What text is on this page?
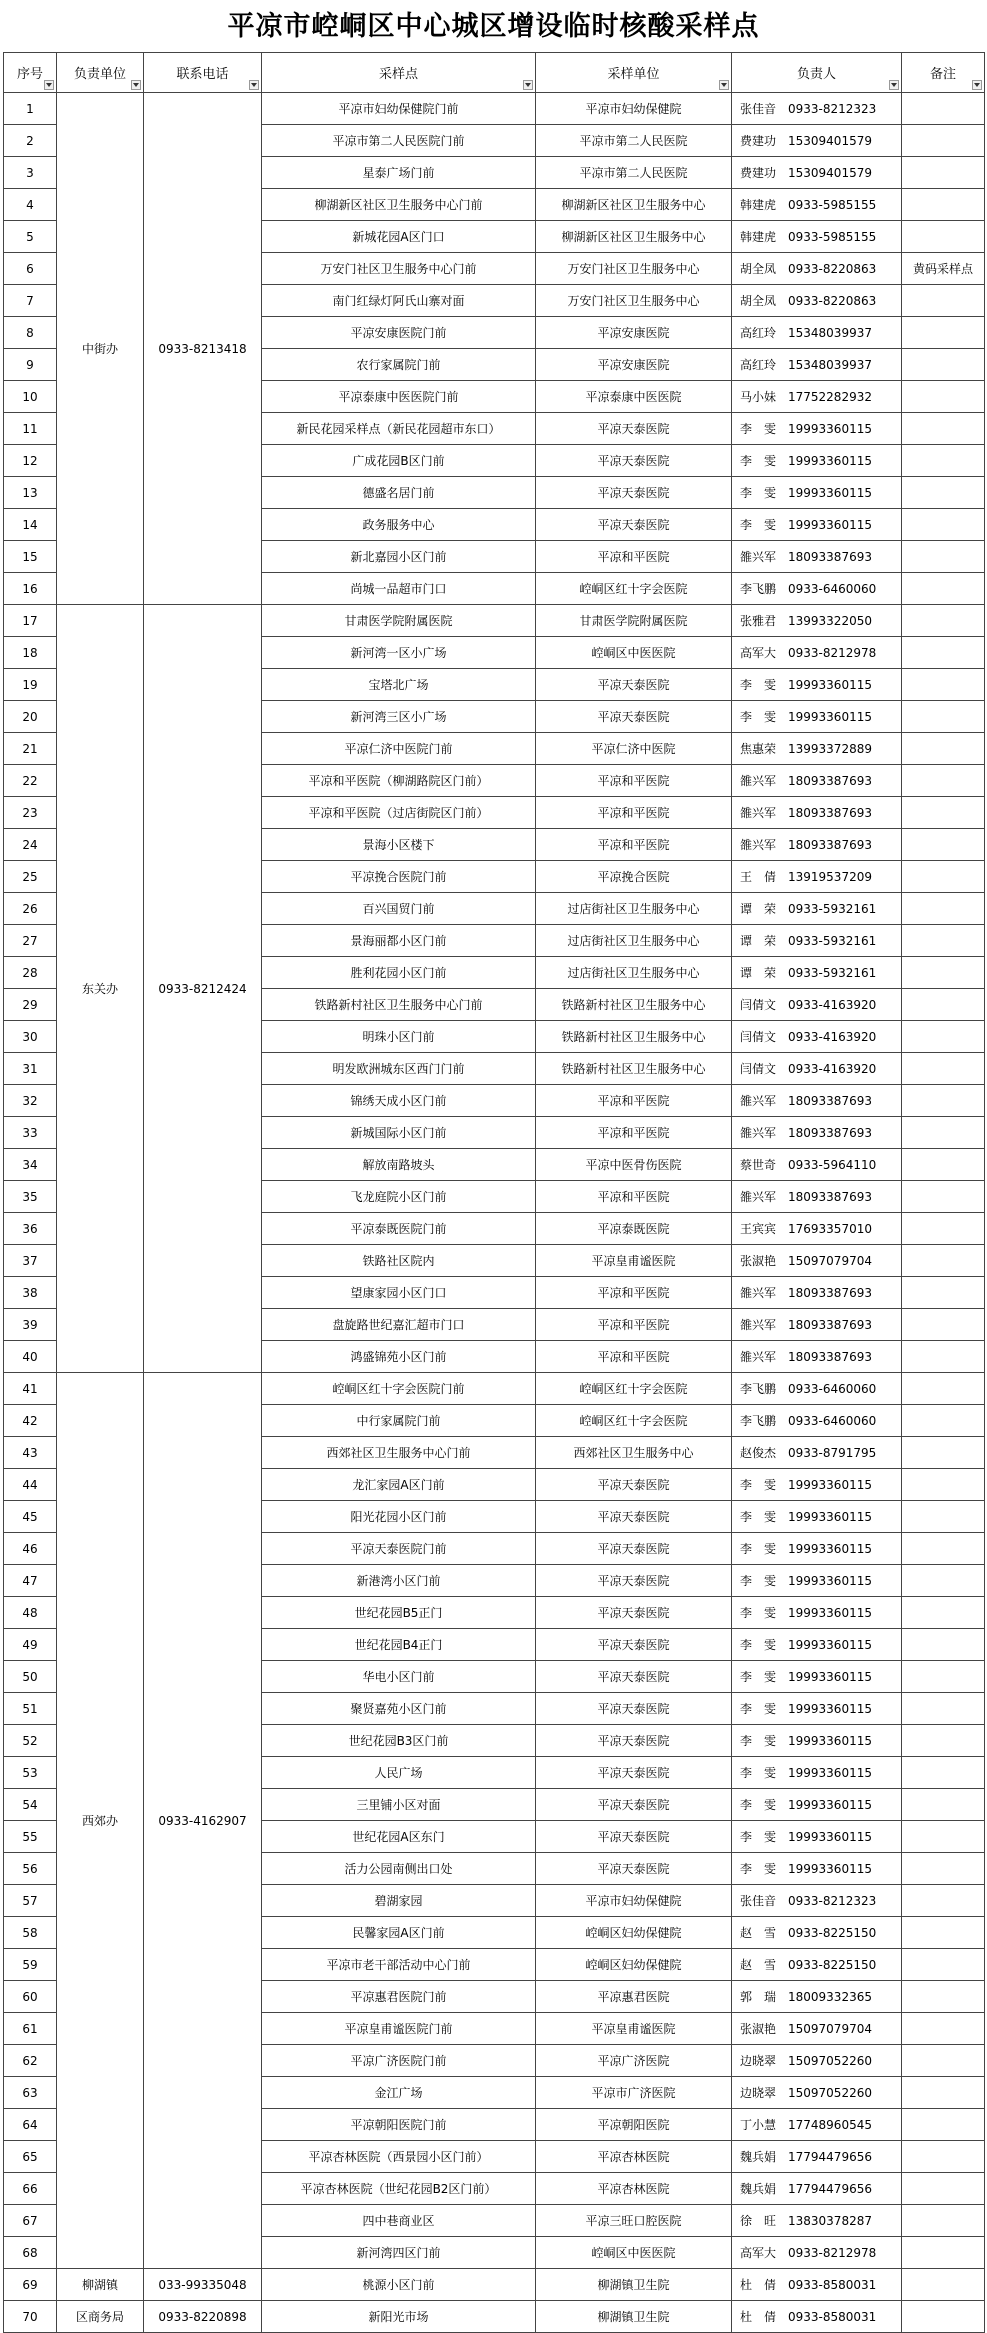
平凉市崆峒区中心城区增设临时核酸采样点
序号	负责单位	联系电话	采样点	采样单位	负责人	备注

1	中街办	0933-8213418	平凉市妇幼保健院门前	平凉市妇幼保健院	张佳音　0933-8212323	
2			平凉市第二人民医院门前	平凉市第二人民医院	费建功　15309401579	
3			星泰广场门前	平凉市第二人民医院	费建功　15309401579	
4			柳湖新区社区卫生服务中心门前	柳湖新区社区卫生服务中心	韩建虎　0933-5985155	
5			新城花园A区门口	柳湖新区社区卫生服务中心	韩建虎　0933-5985155	
6			万安门社区卫生服务中心门前	万安门社区卫生服务中心	胡全凤　0933-8220863	黄码采样点
7			南门红绿灯阿氏山寨对面	万安门社区卫生服务中心	胡全凤　0933-8220863	
8			平凉安康医院门前	平凉安康医院	高红玲　15348039937	
9			农行家属院门前	平凉安康医院	高红玲　15348039937	
10			平凉泰康中医医院门前	平凉泰康中医医院	马小妹　17752282932	
11			新民花园采样点（新民花园超市东口）	平凉天泰医院	李　雯　19993360115	
12			广成花园B区门前	平凉天泰医院	李　雯　19993360115	
13			德盛名居门前	平凉天泰医院	李　雯　19993360115	
14			政务服务中心	平凉天泰医院	李　雯　19993360115	
15			新北嘉园小区门前	平凉和平医院	雒兴军　18093387693	
16			尚城一品超市门口	崆峒区红十字会医院	李飞鹏　0933-6460060	
17	东关办	0933-8212424	甘肃医学院附属医院	甘肃医学院附属医院	张雅君　13993322050	
18			新河湾一区小广场	崆峒区中医医院	高军大　0933-8212978	
19			宝塔北广场	平凉天泰医院	李　雯　19993360115	
20			新河湾三区小广场	平凉天泰医院	李　雯　19993360115	
21			平凉仁济中医院门前	平凉仁济中医院	焦惠荣　13993372889	
22			平凉和平医院（柳湖路院区门前）	平凉和平医院	雒兴军　18093387693	
23			平凉和平医院（过店街院区门前）	平凉和平医院	雒兴军　18093387693	
24			景海小区楼下	平凉和平医院	雒兴军　18093387693	
25			平凉挽合医院门前	平凉挽合医院	王　倩　13919537209	
26			百兴国贸门前	过店街社区卫生服务中心	谭　荣　0933-5932161	
27			景海丽都小区门前	过店街社区卫生服务中心	谭　荣　0933-5932161	
28			胜利花园小区门前	过店街社区卫生服务中心	谭　荣　0933-5932161	
29			铁路新村社区卫生服务中心门前	铁路新村社区卫生服务中心	闫倩文　0933-4163920	
30			明珠小区门前	铁路新村社区卫生服务中心	闫倩文　0933-4163920	
31			明发欧洲城东区西门门前	铁路新村社区卫生服务中心	闫倩文　0933-4163920	
32			锦绣天成小区门前	平凉和平医院	雒兴军　18093387693	
33			新城国际小区门前	平凉和平医院	雒兴军　18093387693	
34			解放南路坡头	平凉中医骨伤医院	蔡世奇　0933-5964110	
35			飞龙庭院小区门前	平凉和平医院	雒兴军　18093387693	
36			平凉泰既医院门前	平凉泰既医院	王宾宾　17693357010	
37			铁路社区院内	平凉皇甫谧医院	张淑艳　15097079704	
38			望康家园小区门口	平凉和平医院	雒兴军　18093387693	
39			盘旋路世纪嘉汇超市门口	平凉和平医院	雒兴军　18093387693	
40			鸿盛锦苑小区门前	平凉和平医院	雒兴军　18093387693	
41	西郊办	0933-4162907	崆峒区红十字会医院门前	崆峒区红十字会医院	李飞鹏　0933-6460060	
42			中行家属院门前	崆峒区红十字会医院	李飞鹏　0933-6460060	
43			西郊社区卫生服务中心门前	西郊社区卫生服务中心	赵俊杰　0933-8791795	
44			龙汇家园A区门前	平凉天泰医院	李　雯　19993360115	
45			阳光花园小区门前	平凉天泰医院	李　雯　19993360115	
46			平凉天泰医院门前	平凉天泰医院	李　雯　19993360115	
47			新港湾小区门前	平凉天泰医院	李　雯　19993360115	
48			世纪花园B5正门	平凉天泰医院	李　雯　19993360115	
49			世纪花园B4正门	平凉天泰医院	李　雯　19993360115	
50			华电小区门前	平凉天泰医院	李　雯　19993360115	
51			聚贤嘉苑小区门前	平凉天泰医院	李　雯　19993360115	
52			世纪花园B3区门前	平凉天泰医院	李　雯　19993360115	
53			人民广场	平凉天泰医院	李　雯　19993360115	
54			三里铺小区对面	平凉天泰医院	李　雯　19993360115	
55			世纪花园A区东门	平凉天泰医院	李　雯　19993360115	
56			活力公园南侧出口处	平凉天泰医院	李　雯　19993360115	
57			碧湖家园	平凉市妇幼保健院	张佳音　0933-8212323	
58			民馨家园A区门前	崆峒区妇幼保健院	赵　雪　0933-8225150	
59			平凉市老干部活动中心门前	崆峒区妇幼保健院	赵　雪　0933-8225150	
60			平凉惠君医院门前	平凉惠君医院	郭　瑞　18009332365	
61			平凉皇甫谧医院门前	平凉皇甫谧医院	张淑艳　15097079704	
62			平凉广济医院门前	平凉广济医院	边晓翠　15097052260	
63			金江广场	平凉市广济医院	边晓翠　15097052260	
64			平凉朝阳医院门前	平凉朝阳医院	丁小慧　17748960545	
65			平凉杏林医院（西景园小区门前）	平凉杏林医院	魏兵娟　17794479656	
66			平凉杏林医院（世纪花园B2区门前）	平凉杏林医院	魏兵娟　17794479656	
67			四中巷商业区	平凉三旺口腔医院	徐　旺　13830378287	
68			新河湾四区门前	崆峒区中医医院	高军大　0933-8212978	
69	柳湖镇	033-99335048	桃源小区门前	柳湖镇卫生院	杜　倩　0933-8580031	
70	区商务局	0933-8220898	新阳光市场	柳湖镇卫生院	杜　倩　0933-8580031	
